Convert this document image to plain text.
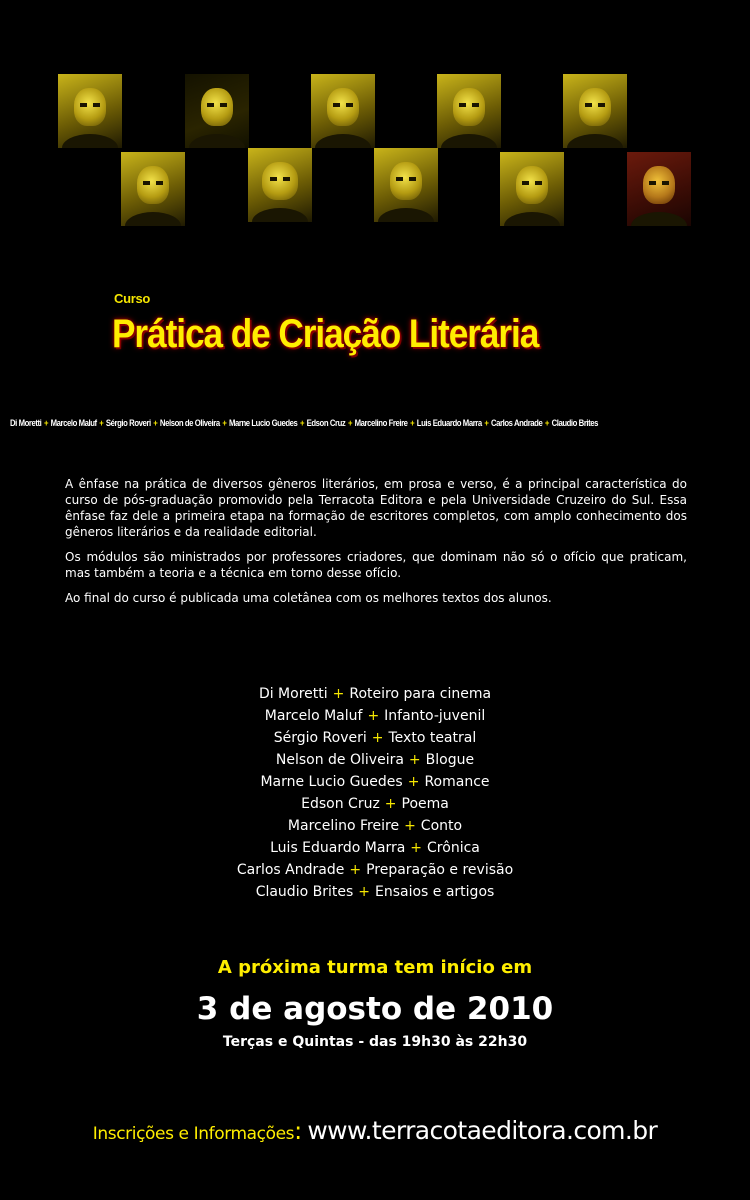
Curso
Prática de Criação Literária
Di Moretti + Marcelo Maluf + Sérgio Roveri + Nelson de Oliveira + Marne Lucio Guedes + Edson Cruz + Marcelino Freire + Luis Eduardo Marra + Carlos Andrade + Claudio Brites

A ênfase na prática de diversos gêneros literários, em prosa e verso, é a principal característica do curso de pós-graduação promovido pela Terracota Editora e pela Universidade Cruzeiro do Sul. Essa ênfase faz dele a primeira etapa na formação de escritores completos, com amplo conhecimento dos gêneros literários e da realidade editorial.

Os módulos são ministrados por professores criadores, que dominam não só o ofício que praticam, mas também a teoria e a técnica em torno desse ofício.

Ao final do curso é publicada uma coletânea com os melhores textos dos alunos.

Di Moretti + Roteiro para cinema
Marcelo Maluf + Infanto-juvenil
Sérgio Roveri + Texto teatral
Nelson de Oliveira + Blogue
Marne Lucio Guedes + Romance
Edson Cruz + Poema
Marcelino Freire + Conto
Luis Eduardo Marra + Crônica
Carlos Andrade + Preparação e revisão
Claudio Brites + Ensaios e artigos
A próxima turma tem início em
3 de agosto de 2010
Terças e Quintas - das 19h30 às 22h30
Inscrições e Informações: www.terracotaeditora.com.br
